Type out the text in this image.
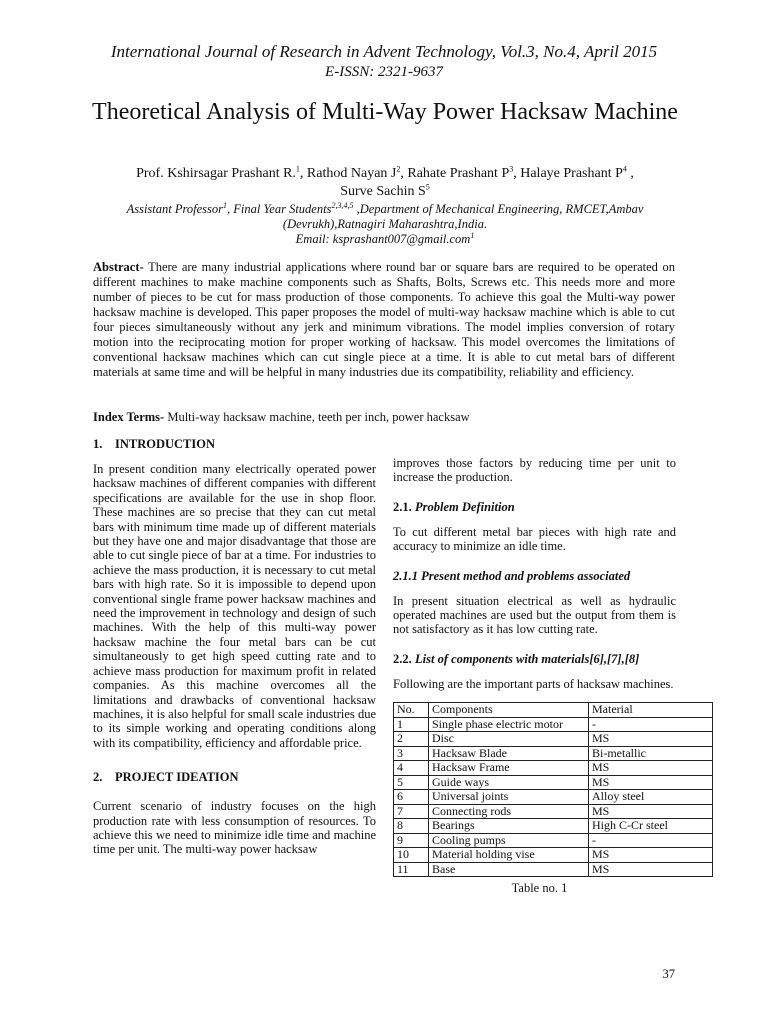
International Journal of Research in Advent Technology, Vol.3, No.4, April 2015
E-ISSN: 2321-9637
Theoretical Analysis of Multi-Way Power Hacksaw Machine
Prof. Kshirsagar Prashant R.$^1$, Rathod Nayan $J^2$, Rahate Prashant $P^3$, Halaye Prashant $P^4$ ,
Surve Sachin $S^5$
Assistant Professor$^1$, Final Year Students$^{2,3,4,5}$ ,Department of Mechanical Engineering, RMCET,Ambav (Devrukh),Ratnagiri Maharashtra,India.
Email: ksprashant007@gmail.com$^1$

Abstract- There are many industrial applications where round bar or square bars are required to be operated on different machines to make machine components such as Shafts, Bolts, Screws etc. This needs more and more number of pieces to be cut for mass production of those components. To achieve this goal the Multi-way power hacksaw machine is developed. This paper proposes the model of multi-way hacksaw machine which is able to cut four pieces simultaneously without any jerk and minimum vibrations. The model implies conversion of rotary motion into the reciprocating motion for proper working of hacksaw. This model overcomes the limitations of conventional hacksaw machines which can cut single piece at a time. It is able to cut metal bars of different materials at same time and will be helpful in many industries due its compatibility, reliability and efficiency.

Index Terms- Multi-way hacksaw machine, teeth per inch, power hacksaw

1. INTRODUCTION

In present condition many electrically operated power hacksaw machines of different companies with different specifications are available for the use in shop floor. These machines are so precise that they can cut metal bars with minimum time made up of different materials but they have one and major disadvantage that those are able to cut single piece of bar at a time. For industries to achieve the mass production, it is necessary to cut metal bars with high rate. So it is impossible to depend upon conventional single frame power hacksaw machines and need the improvement in technology and design of such machines. With the help of this multi-way power hacksaw machine the four metal bars can be cut simultaneously to get high speed cutting rate and to achieve mass production for maximum profit in related companies. As this machine overcomes all the limitations and drawbacks of conventional hacksaw machines, it is also helpful for small scale industries due to its simple working and operating conditions along with its compatibility, efficiency and affordable price.

2. PROJECT IDEATION

Current scenario of industry focuses on the high production rate with less consumption of resources. To achieve this we need to minimize idle time and machine time per unit. The multi-way power hacksaw

improves those factors by reducing time per unit to increase the production.

2.1. Problem Definition

To cut different metal bar pieces with high rate and accuracy to minimize an idle time.

2.1.1 Present method and problems associated

In present situation electrical as well as hydraulic operated machines are used but the output from them is not satisfactory as it has low cutting rate.

2.2. List of components with materials[6],[7],[8]

Following are the important parts of hacksaw machines.

No.	Components	Material
1	Single phase electric motor	-
2	Disc	MS
3	Hacksaw Blade	Bi-metallic
4	Hacksaw Frame	MS
5	Guide ways	MS
6	Universal joints	Alloy steel
7	Connecting rods	MS
8	Bearings	High C-Cr steel
9	Cooling pumps	-
10	Material holding vise	MS
11	Base	MS
Table no. 1
37
